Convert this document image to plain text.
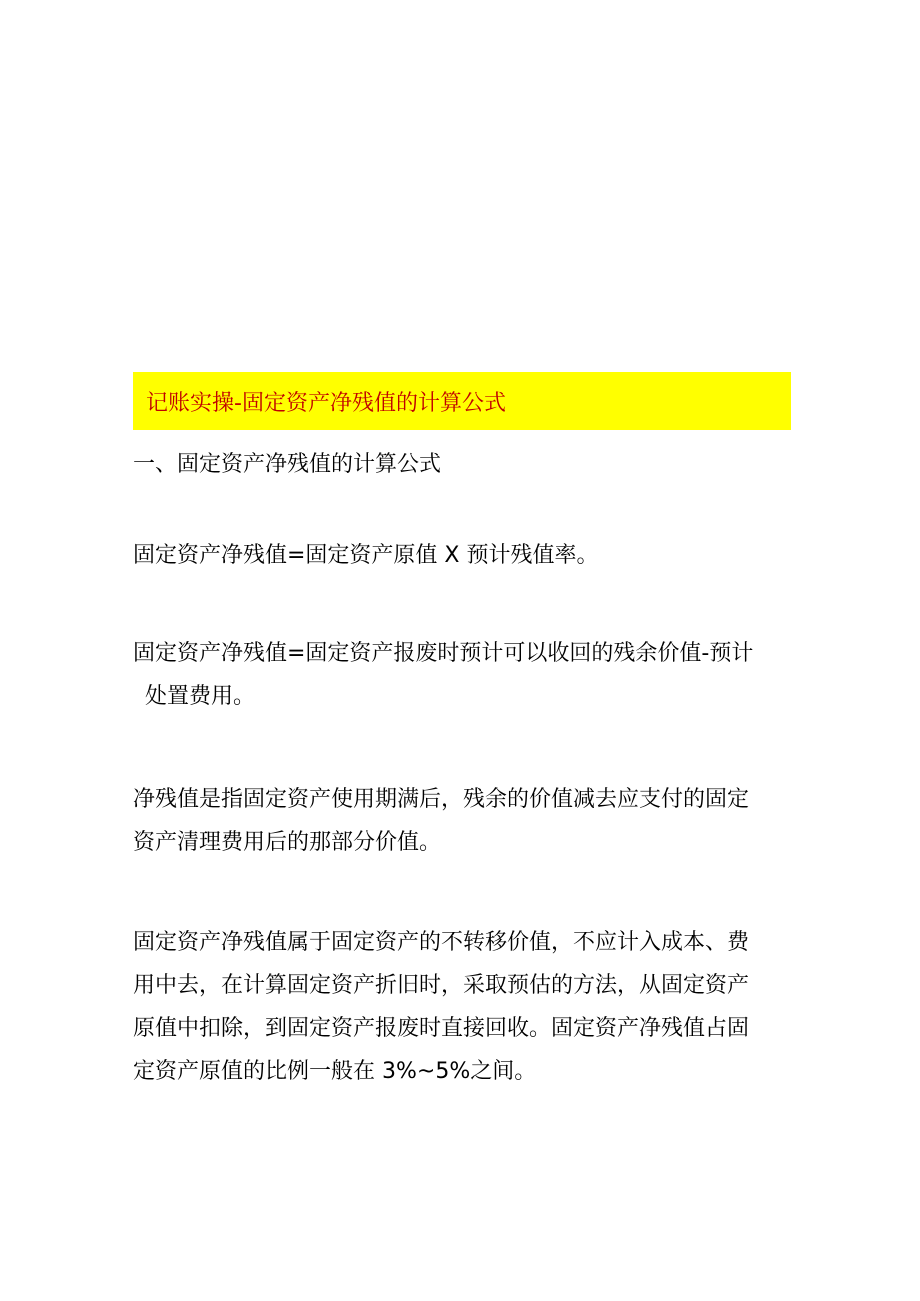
记账实操-固定资产净残值的计算公式
一、固定资产净残值的计算公式

固定资产净残值=固定资产原值 X 预计残值率。

固定资产净残值=固定资产报废时预计可以收回的残余价值-预计
处置费用。

净残值是指固定资产使用期满后，残余的价值减去应支付的固定
资产清理费用后的那部分价值。

固定资产净残值属于固定资产的不转移价值，不应计入成本、费
用中去，在计算固定资产折旧时，采取预估的方法，从固定资产
原值中扣除，到固定资产报废时直接回收。固定资产净残值占固
定资产原值的比例一般在 3%~5%之间。
